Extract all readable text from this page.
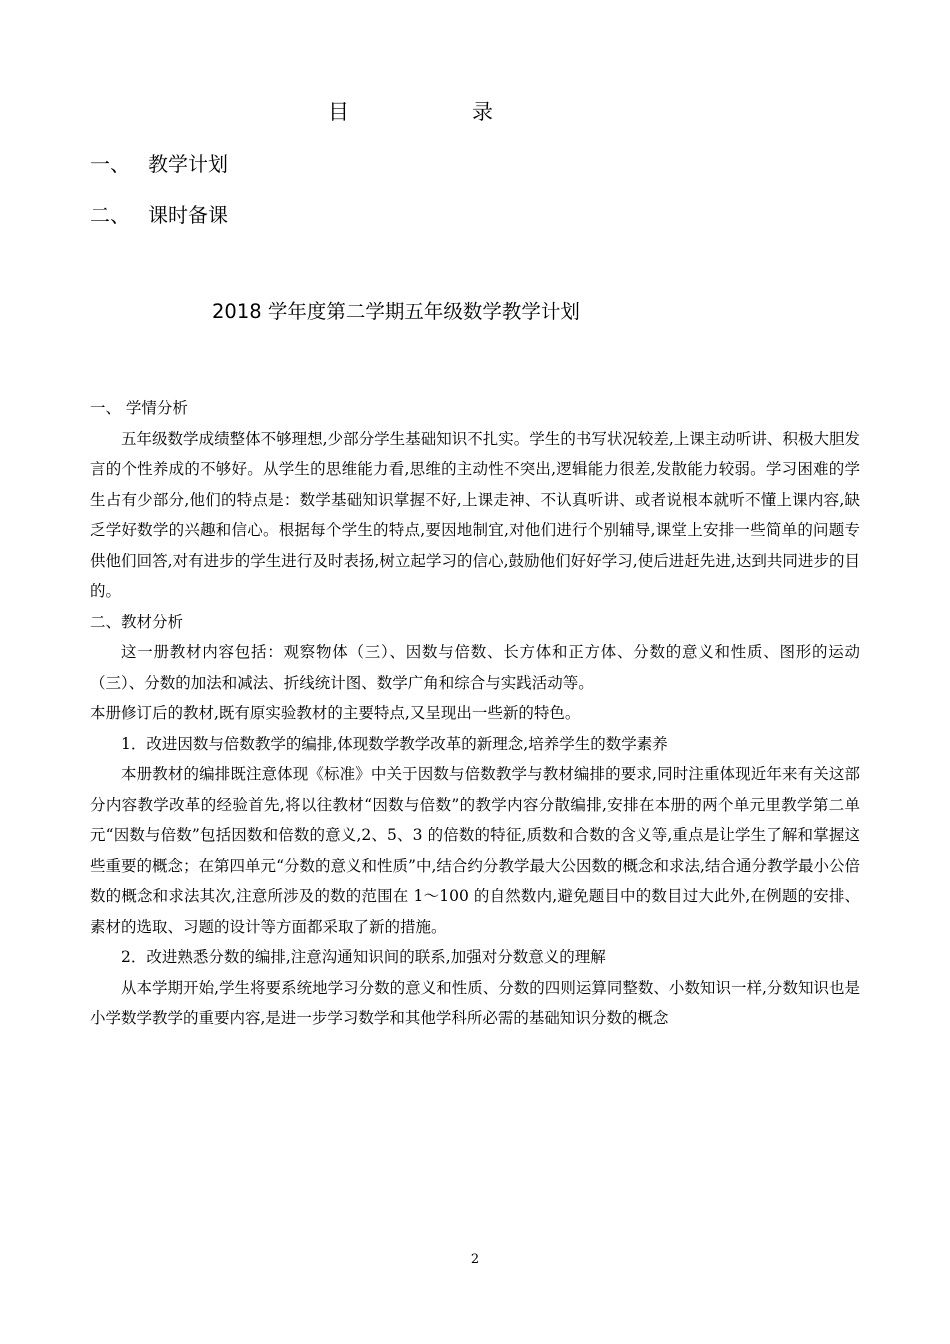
目	录
一、 教学计划
二、 课时备课
2018 学年度第二学期五年级数学教学计划

一、 学情分析

五年级数学成绩整体不够理想,少部分学生基础知识不扎实。学生的书写状况较差,上课主动听讲、积极大胆发言的个性养成的不够好。从学生的思维能力看,思维的主动性不突出,逻辑能力很差,发散能力较弱。学习困难的学生占有少部分,他们的特点是：数学基础知识掌握不好,上课走神、不认真听讲、或者说根本就听不懂上课内容,缺乏学好数学的兴趣和信心。根据每个学生的特点,要因地制宜,对他们进行个别辅导,课堂上安排一些简单的问题专供他们回答,对有进步的学生进行及时表扬,树立起学习的信心,鼓励他们好好学习,使后进赶先进,达到共同进步的目的。

二、教材分析

这一册教材内容包括：观察物体（三）、因数与倍数、长方体和正方体、分数的意义和性质、图形的运动（三）、分数的加法和减法、折线统计图、数学广角和综合与实践活动等。

本册修订后的教材,既有原实验教材的主要特点,又呈现出一些新的特色。

1．改进因数与倍数教学的编排,体现数学教学改革的新理念,培养学生的数学素养

本册教材的编排既注意体现《标准》中关于因数与倍数教学与教材编排的要求,同时注重体现近年来有关这部分内容教学改革的经验首先,将以往教材“因数与倍数”的教学内容分散编排,安排在本册的两个单元里教学第二单元“因数与倍数”包括因数和倍数的意义,2、5、3 的倍数的特征,质数和合数的含义等,重点是让学生了解和掌握这些重要的概念；在第四单元“分数的意义和性质”中,结合约分教学最大公因数的概念和求法,结合通分教学最小公倍数的概念和求法其次,注意所涉及的数的范围在 1～100 的自然数内,避免题目中的数目过大此外,在例题的安排、素材的选取、习题的设计等方面都采取了新的措施。

2．改进熟悉分数的编排,注意沟通知识间的联系,加强对分数意义的理解

从本学期开始,学生将要系统地学习分数的意义和性质、分数的四则运算同整数、小数知识一样,分数知识也是小学数学教学的重要内容,是进一步学习数学和其他学科所必需的基础知识分数的概念

2
